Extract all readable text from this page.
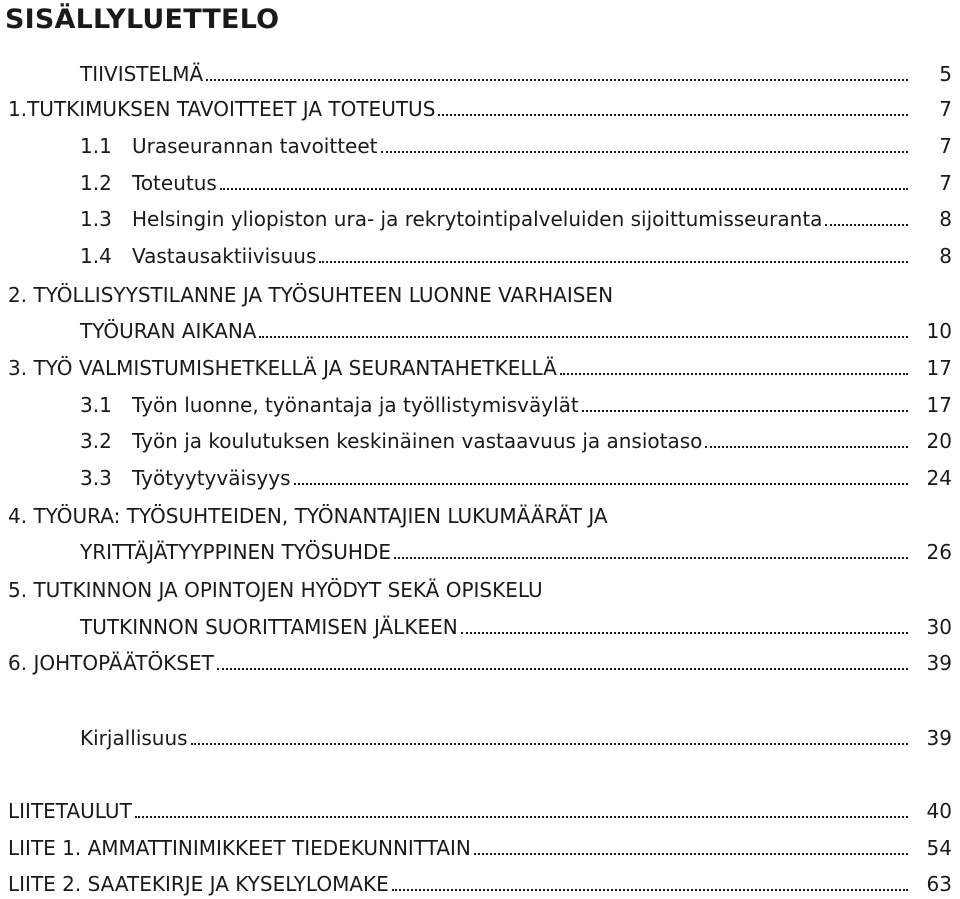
SISÄLLYLUETTELO
TIIVISTELMÄ	5
1.TUTKIMUKSEN TAVOITTEET JA TOTEUTUS	7
1.1 Uraseurannan tavoitteet	7
1.2 Toteutus	7
1.3 Helsingin yliopiston ura- ja rekrytointipalveluiden sijoittumisseuranta	8
1.4 Vastausaktiivisuus	8
2. TYÖLLISYYSTILANNE JA TYÖSUHTEEN LUONNE VARHAISEN
TYÖURAN AIKANA	10
3. TYÖ VALMISTUMISHETKELLÄ JA SEURANTAHETKELLÄ	17
3.1 Työn luonne, työnantaja ja työllistymisväylät	17
3.2 Työn ja koulutuksen keskinäinen vastaavuus ja ansiotaso	20
3.3 Työtyytyväisyys	24
4. TYÖURA: TYÖSUHTEIDEN, TYÖNANTAJIEN LUKUMÄÄRÄT JA
YRITTÄJÄTYYPPINEN TYÖSUHDE	26
5. TUTKINNON JA OPINTOJEN HYÖDYT SEKÄ OPISKELU
TUTKINNON SUORITTAMISEN JÄLKEEN	30
6. JOHTOPÄÄTÖKSET	39
Kirjallisuus	39
LIITETAULUT	40
LIITE 1. AMMATTINIMIKKEET TIEDEKUNNITTAIN	54
LIITE 2. SAATEKIRJE JA KYSELYLOMAKE	63
